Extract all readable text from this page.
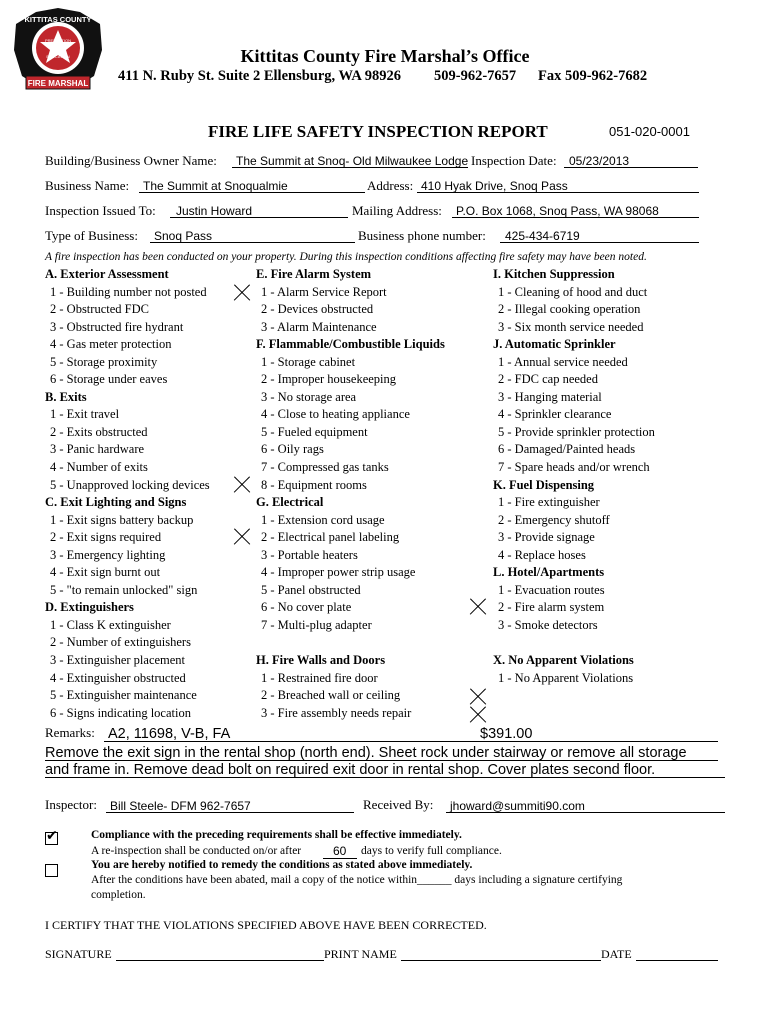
FIRE MARSHAL
KITTITAS COUNTY
PREVENTION
EDUCATION	Kittitas County Fire Marshal’s Office
411 N. Ruby St. Suite 2 Ellensburg, WA 98926 509-962-7657 Fax 509-962-7682
FIRE LIFE SAFETY INSPECTION REPORT	051-020-0001
Building/Business Owner Name: The Summit at Snoq- Old Milwaukee Lodge Inspection Date: 05/23/2013
Business Name: The Summit at Snoqualmie	Address: 410 Hyak Drive, Snoq Pass
Inspection Issued To: Justin Howard	Mailing Address: P.O. Box 1068, Snoq Pass, WA 98068
Type of Business: Snoq Pass	Business phone number: 425-434-6719
A fire inspection has been conducted on your property. During this inspection conditions affecting fire safety may have been noted.
A. Exterior Assessment
1 - Building number not posted
2 - Obstructed FDC
3 - Obstructed fire hydrant
4 - Gas meter protection
5 - Storage proximity
6 - Storage under eaves
B. Exits
1 - Exit travel
2 - Exits obstructed
3 - Panic hardware
4 - Number of exits
5 - Unapproved locking devices
C. Exit Lighting and Signs
1 - Exit signs battery backup
2 - Exit signs required
3 - Emergency lighting
4 - Exit sign burnt out
5 - "to remain unlocked" sign
D. Extinguishers
1 - Class K extinguisher
2 - Number of extinguishers
3 - Extinguisher placement
4 - Extinguisher obstructed
5 - Extinguisher maintenance
6 - Signs indicating location
E. Fire Alarm System
1 - Alarm Service Report
2 - Devices obstructed
3 - Alarm Maintenance
F. Flammable/Combustible Liquids
1 - Storage cabinet
2 - Improper housekeeping
3 - No storage area
4 - Close to heating appliance
5 - Fueled equipment
6 - Oily rags
7 - Compressed gas tanks
8 - Equipment rooms
G. Electrical
1 - Extension cord usage
2 - Electrical panel labeling
3 - Portable heaters
4 - Improper power strip usage
5 - Panel obstructed
6 - No cover plate
7 - Multi-plug adapter
H. Fire Walls and Doors
1 - Restrained fire door
2 - Breached wall or ceiling
3 - Fire assembly needs repair
I. Kitchen Suppression
1 - Cleaning of hood and duct
2 - Illegal cooking operation
3 - Six month service needed
J. Automatic Sprinkler
1 - Annual service needed
2 - FDC cap needed
3 - Hanging material
4 - Sprinkler clearance
5 - Provide sprinkler protection
6 - Damaged/Painted heads
7 - Spare heads and/or wrench
K. Fuel Dispensing
1 - Fire extinguisher
2 - Emergency shutoff
3 - Provide signage
4 - Replace hoses
L. Hotel/Apartments
1 - Evacuation routes
2 - Fire alarm system
3 - Smoke detectors
X. No Apparent Violations
1 - No Apparent Violations
Remarks: A2, 11698, V-B, FA	$391.00
Remove the exit sign in the rental shop (north end). Sheet rock under stairway or remove all storage
and frame in. Remove dead bolt on required exit door in rental shop. Cover plates second floor.
Inspector: Bill Steele- DFM 962-7657	Received By: jhoward@summiti90.com
✔	Compliance with the preceding requirements shall be effective immediately.
A re-inspection shall be conducted on/or after	60 days to verify full compliance.
You are hereby notified to remedy the conditions as stated above immediately.
After the conditions have been abated, mail a copy of the notice within______ days including a signature certifying
completion.
I CERTIFY THAT THE VIOLATIONS SPECIFIED ABOVE HAVE BEEN CORRECTED.
SIGNATURE	PRINT NAME	DATE
